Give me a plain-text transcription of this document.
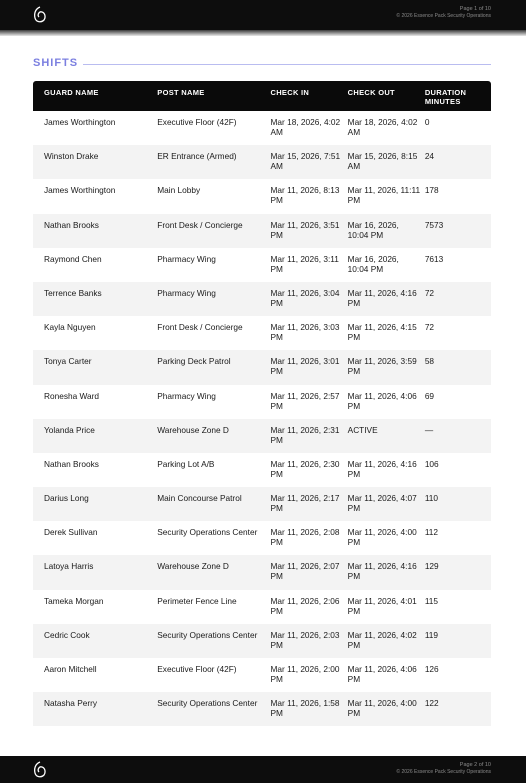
Page 1 of 10
© 2026 Essence Pack Security Operations
SHIFTS
GUARD NAME	POST NAME	CHECK IN	CHECK OUT	DURATION MINUTES
James Worthington	Executive Floor (42F)	Mar 18, 2026, 4:02 AM	Mar 18, 2026, 4:02 AM	0
Winston Drake	ER Entrance (Armed)	Mar 15, 2026, 7:51 AM	Mar 15, 2026, 8:15 AM	24
James Worthington	Main Lobby	Mar 11, 2026, 8:13 PM	Mar 11, 2026, 11:11 PM	178
Nathan Brooks	Front Desk / Concierge	Mar 11, 2026, 3:51 PM	Mar 16, 2026, 10:04 PM	7573
Raymond Chen	Pharmacy Wing	Mar 11, 2026, 3:11 PM	Mar 16, 2026, 10:04 PM	7613
Terrence Banks	Pharmacy Wing	Mar 11, 2026, 3:04 PM	Mar 11, 2026, 4:16 PM	72
Kayla Nguyen	Front Desk / Concierge	Mar 11, 2026, 3:03 PM	Mar 11, 2026, 4:15 PM	72
Tonya Carter	Parking Deck Patrol	Mar 11, 2026, 3:01 PM	Mar 11, 2026, 3:59 PM	58
Ronesha Ward	Pharmacy Wing	Mar 11, 2026, 2:57 PM	Mar 11, 2026, 4:06 PM	69
Yolanda Price	Warehouse Zone D	Mar 11, 2026, 2:31 PM	ACTIVE	—
Nathan Brooks	Parking Lot A/B	Mar 11, 2026, 2:30 PM	Mar 11, 2026, 4:16 PM	106
Darius Long	Main Concourse Patrol	Mar 11, 2026, 2:17 PM	Mar 11, 2026, 4:07 PM	110
Derek Sullivan	Security Operations Center	Mar 11, 2026, 2:08 PM	Mar 11, 2026, 4:00 PM	112
Latoya Harris	Warehouse Zone D	Mar 11, 2026, 2:07 PM	Mar 11, 2026, 4:16 PM	129
Tameka Morgan	Perimeter Fence Line	Mar 11, 2026, 2:06 PM	Mar 11, 2026, 4:01 PM	115
Cedric Cook	Security Operations Center	Mar 11, 2026, 2:03 PM	Mar 11, 2026, 4:02 PM	119
Aaron Mitchell	Executive Floor (42F)	Mar 11, 2026, 2:00 PM	Mar 11, 2026, 4:06 PM	126
Natasha Perry	Security Operations Center	Mar 11, 2026, 1:58 PM	Mar 11, 2026, 4:00 PM	122
Page 2 of 10
© 2026 Essence Pack Security Operations
